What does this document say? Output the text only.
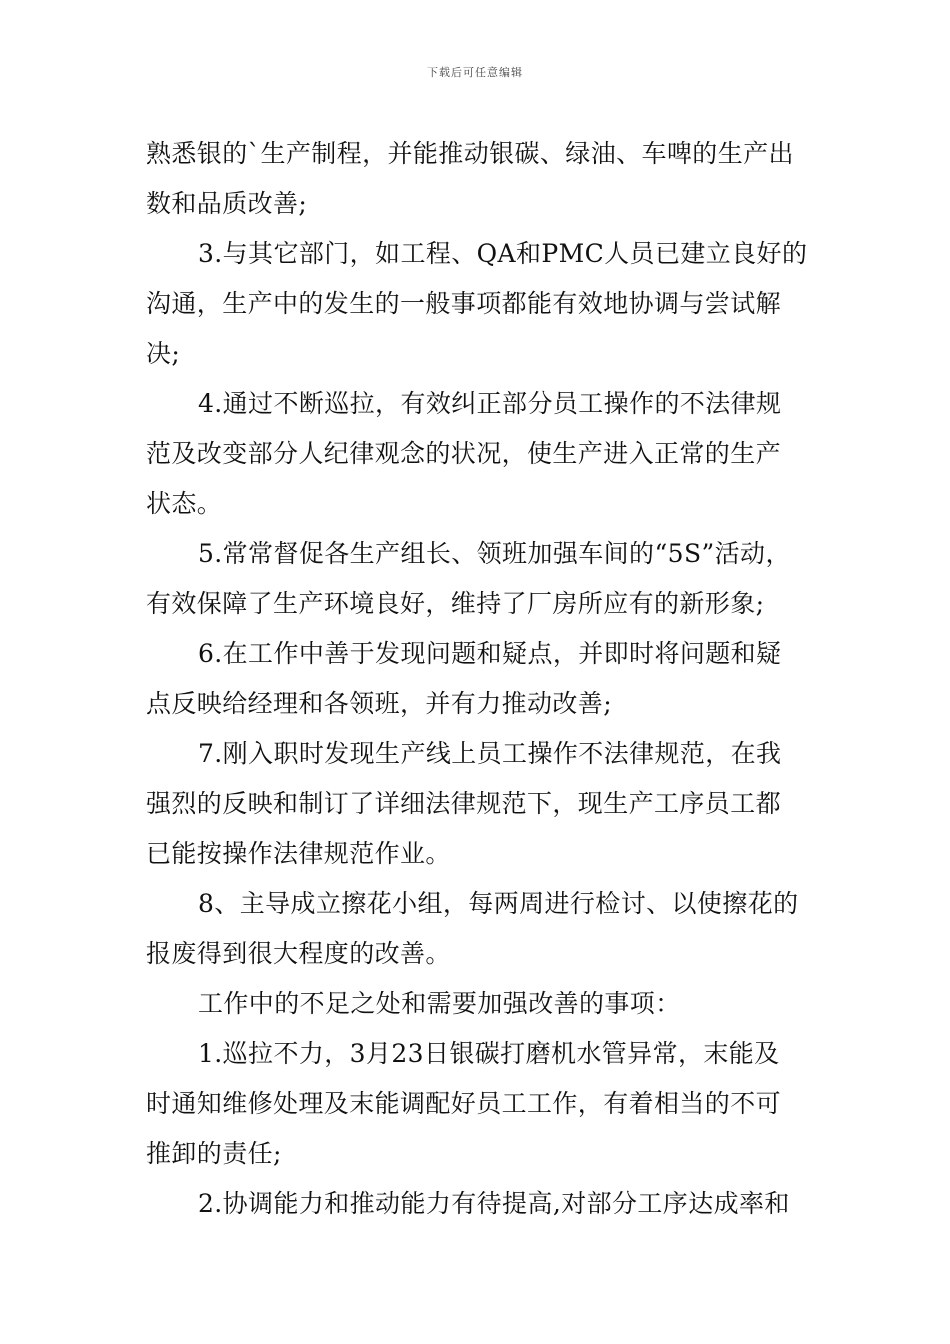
下载后可任意编辑
熟悉银的`生产制程，并能推动银碳、绿油、车啤的生产出
数和品质改善;
3.与其它部门，如工程、QA和PMC人员已建立良好的
沟通，生产中的发生的一般事项都能有效地协调与尝试解
决;
4.通过不断巡拉，有效纠正部分员工操作的不法律规
范及改变部分人纪律观念的状况，使生产进入正常的生产
状态。
5.常常督促各生产组长、领班加强车间的“5S”活动，
有效保障了生产环境良好，维持了厂房所应有的新形象;
6.在工作中善于发现问题和疑点，并即时将问题和疑
点反映给经理和各领班，并有力推动改善;
7.刚入职时发现生产线上员工操作不法律规范，在我
强烈的反映和制订了详细法律规范下，现生产工序员工都
已能按操作法律规范作业。
8、主导成立擦花小组，每两周进行检讨、以使擦花的
报废得到很大程度的改善。
工作中的不足之处和需要加强改善的事项：
1.巡拉不力，3月23日银碳打磨机水管异常，末能及
时通知维修处理及末能调配好员工工作，有着相当的不可
推卸的责任;
2.协调能力和推动能力有待提高,对部分工序达成率和
